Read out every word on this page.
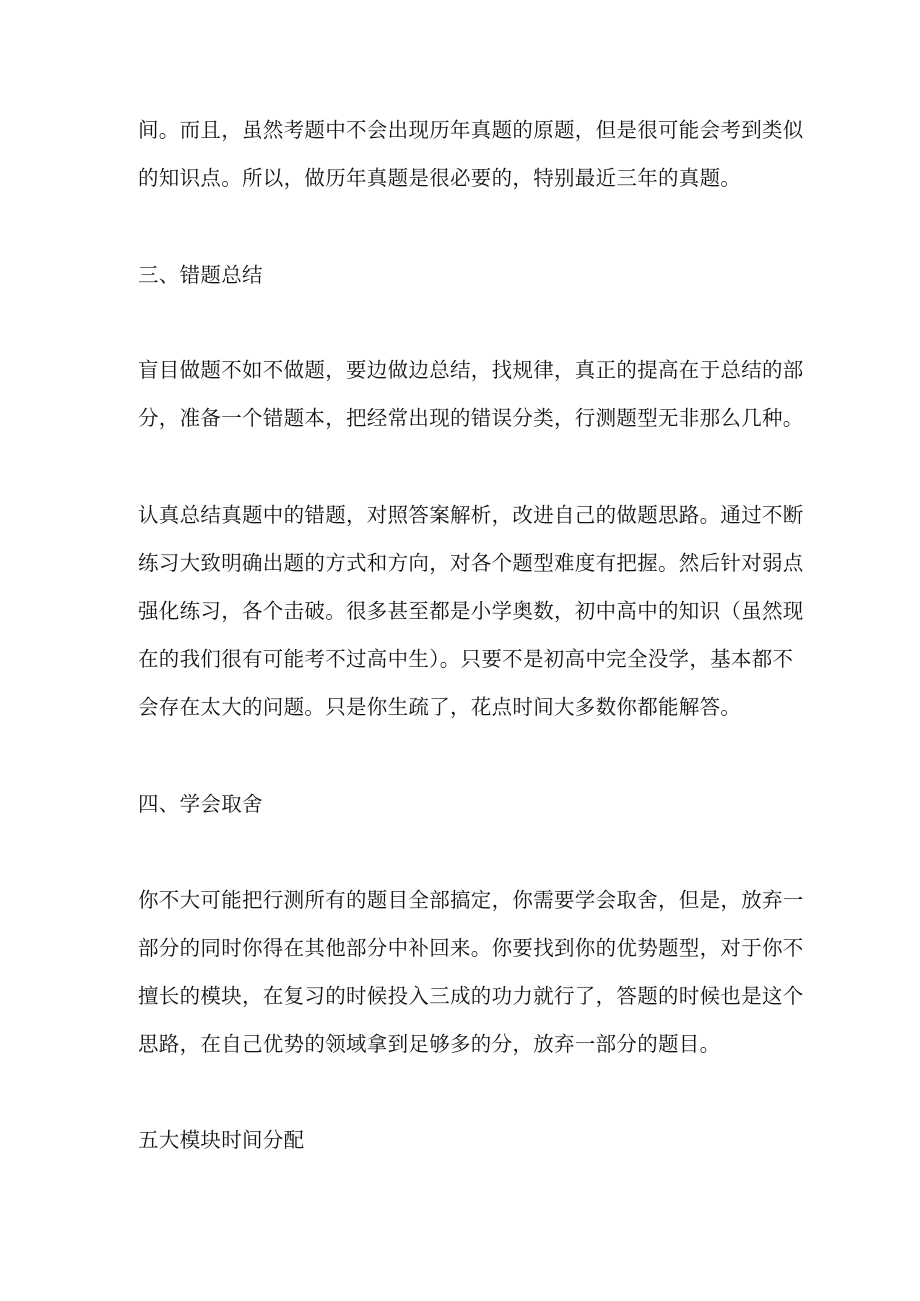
间。而且，虽然考题中不会出现历年真题的原题，但是很可能会考到类似
的知识点。所以，做历年真题是很必要的，特别最近三年的真题。
三、错题总结
盲目做题不如不做题，要边做边总结，找规律，真正的提高在于总结的部
分，准备一个错题本，把经常出现的错误分类，行测题型无非那么几种。
认真总结真题中的错题，对照答案解析，改进自己的做题思路。通过不断
练习大致明确出题的方式和方向，对各个题型难度有把握。然后针对弱点
强化练习，各个击破。很多甚至都是小学奥数，初中高中的知识（虽然现
在的我们很有可能考不过高中生）。只要不是初高中完全没学，基本都不
会存在太大的问题。只是你生疏了，花点时间大多数你都能解答。
四、学会取舍
你不大可能把行测所有的题目全部搞定，你需要学会取舍，但是，放弃一
部分的同时你得在其他部分中补回来。你要找到你的优势题型，对于你不
擅长的模块，在复习的时候投入三成的功力就行了，答题的时候也是这个
思路，在自己优势的领域拿到足够多的分，放弃一部分的题目。
五大模块时间分配
